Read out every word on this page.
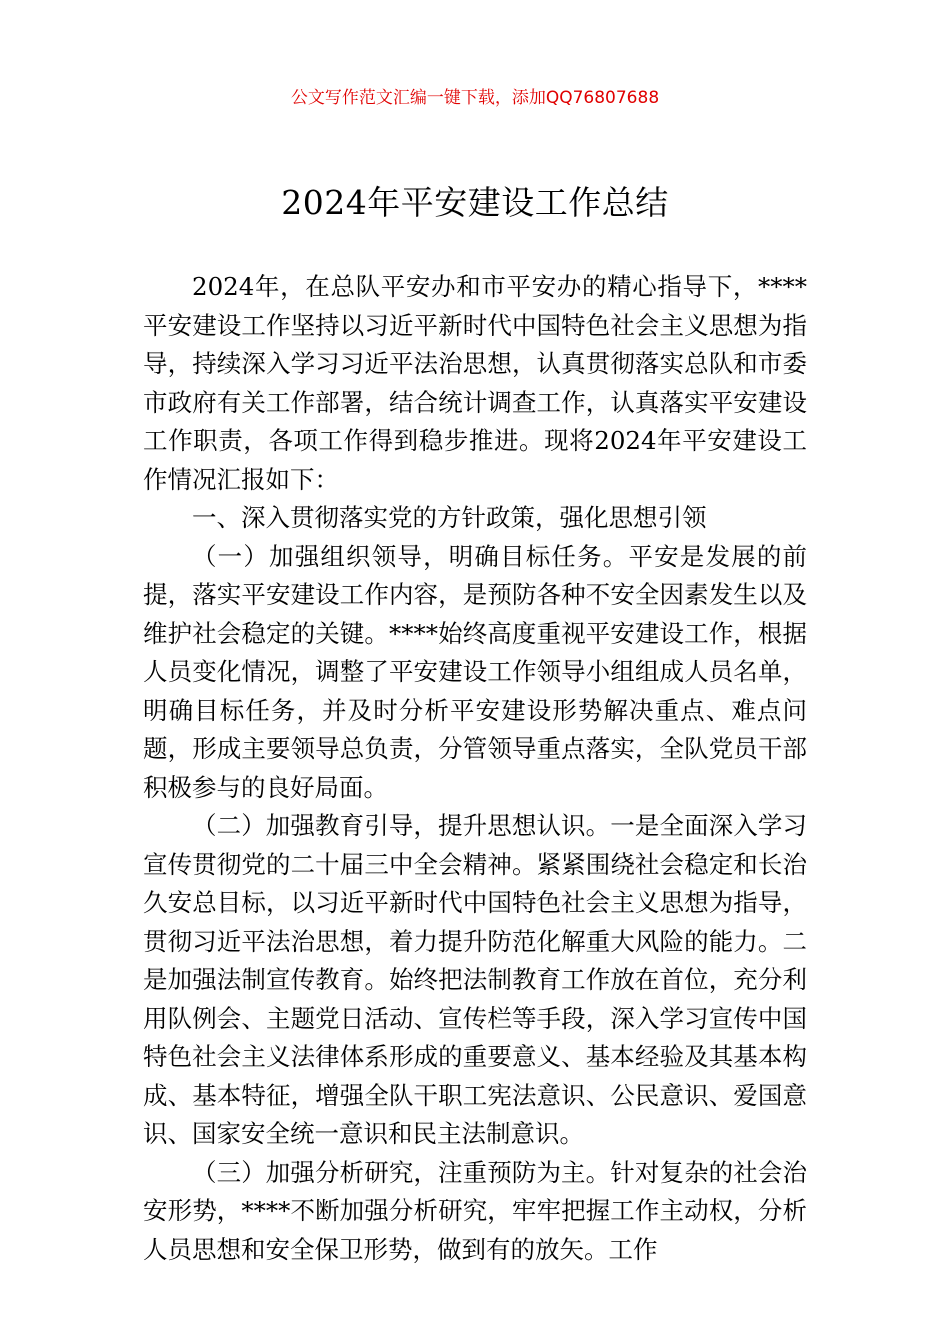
公文写作范文汇编一键下载，添加QQ76807688
2024年平安建设工作总结

2024年，在总队平安办和市平安办的精心指导下，****平安建设工作坚持以习近平新时代中国特色社会主义思想为指导，持续深入学习习近平法治思想，认真贯彻落实总队和市委市政府有关工作部署，结合统计调查工作，认真落实平安建设工作职责，各项工作得到稳步推进。现将2024年平安建设工作情况汇报如下：

一、深入贯彻落实党的方针政策，强化思想引领

（一）加强组织领导，明确目标任务。平安是发展的前提，落实平安建设工作内容，是预防各种不安全因素发生以及维护社会稳定的关键。****始终高度重视平安建设工作，根据人员变化情况，调整了平安建设工作领导小组组成人员名单，明确目标任务，并及时分析平安建设形势解决重点、难点问题，形成主要领导总负责，分管领导重点落实，全队党员干部积极参与的良好局面。

（二）加强教育引导，提升思想认识。一是全面深入学习宣传贯彻党的二十届三中全会精神。紧紧围绕社会稳定和长治久安总目标，以习近平新时代中国特色社会主义思想为指导，贯彻习近平法治思想，着力提升防范化解重大风险的能力。二是加强法制宣传教育。始终把法制教育工作放在首位，充分利用队例会、主题党日活动、宣传栏等手段，深入学习宣传中国特色社会主义法律体系形成的重要意义、基本经验及其基本构成、基本特征，增强全队干职工宪法意识、公民意识、爱国意识、国家安全统一意识和民主法制意识。

（三）加强分析研究，注重预防为主。针对复杂的社会治安形势，****不断加强分析研究，牢牢把握工作主动权，分析人员思想和安全保卫形势，做到有的放矢。工作
